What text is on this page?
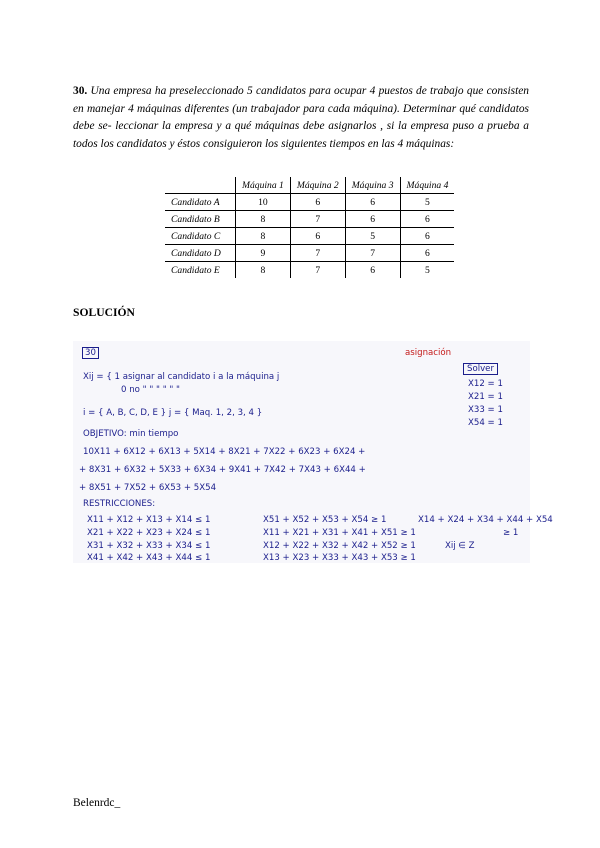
30. Una empresa ha preseleccionado 5 candidatos para ocupar 4 puestos de trabajo que consisten en manejar 4 máquinas diferentes (un trabajador para cada máquina). Determinar qué candidatos debe se- leccionar la empresa y a qué máquinas debe asignarlos , si la empresa puso a prueba a todos los candidatos y éstos consiguieron los siguientes tiempos en las 4 máquinas:
	Máquina 1	Máquina 2	Máquina 3	Máquina 4
Candidato A	10	6	6	5
Candidato B	8	7	6	6
Candidato C	8	6	5	6
Candidato D	9	7	7	6
Candidato E	8	7	6	5
SOLUCIÓN
30	asignación
Solver
Xij = { 1 asignar al candidato i a la máquina j
0 no " " " " " "
X12 = 1
X21 = 1
X33 = 1
X54 = 1
i = { A, B, C, D, E } j = { Maq. 1, 2, 3, 4 }
OBJETIVO: min tiempo
10X11 + 6X12 + 6X13 + 5X14 + 8X21 + 7X22 + 6X23 + 6X24 +
+ 8X31 + 6X32 + 5X33 + 6X34 + 9X41 + 7X42 + 7X43 + 6X44 +
+ 8X51 + 7X52 + 6X53 + 5X54
RESTRICCIONES:
X11 + X12 + X13 + X14 ≤ 1
X21 + X22 + X23 + X24 ≤ 1
X31 + X32 + X33 + X34 ≤ 1
X41 + X42 + X43 + X44 ≤ 1
X51 + X52 + X53 + X54 ≥ 1
X11 + X21 + X31 + X41 + X51 ≥ 1
X12 + X22 + X32 + X42 + X52 ≥ 1
X13 + X23 + X33 + X43 + X53 ≥ 1
X14 + X24 + X34 + X44 + X54
≥ 1
Xij ∈ Z
Belenrdc_
